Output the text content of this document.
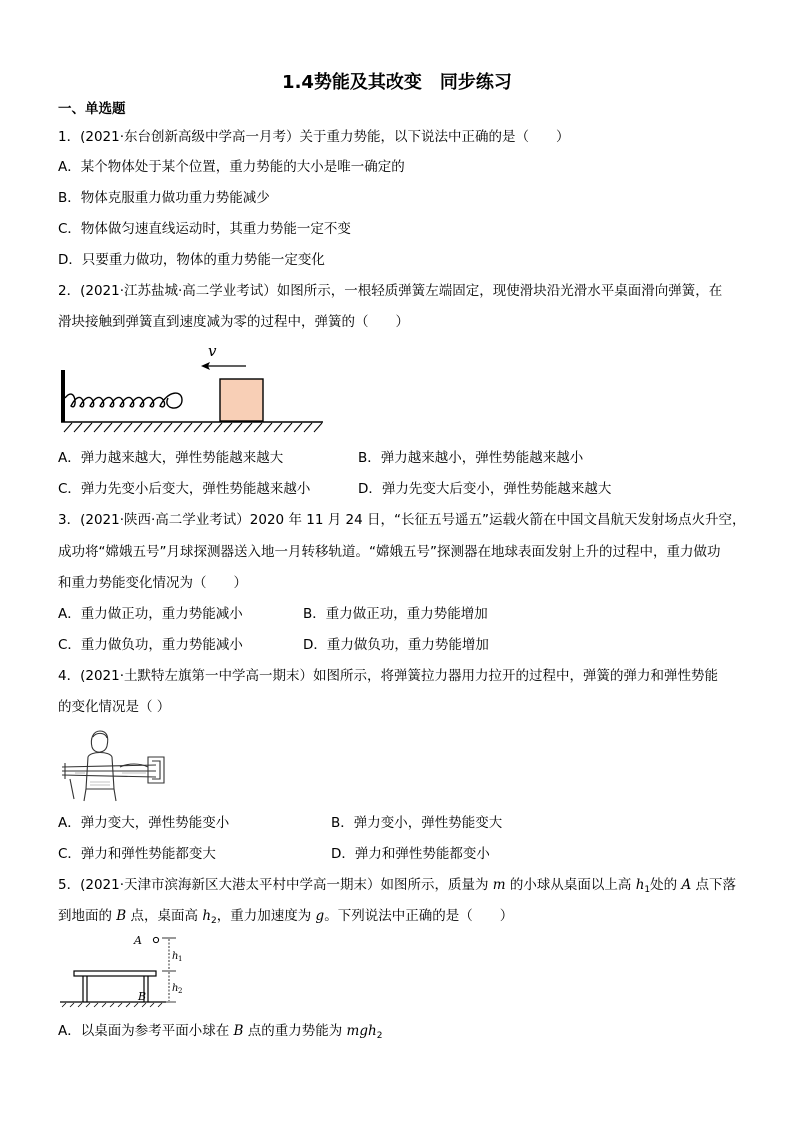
1.4势能及其改变　同步练习
一、单选题
1．(2021·东台创新高级中学高一月考）关于重力势能，以下说法中正确的是（　　）
A．某个物体处于某个位置，重力势能的大小是唯一确定的
B．物体克服重力做功重力势能减少
C．物体做匀速直线运动时，其重力势能一定不变
D．只要重力做功，物体的重力势能一定变化
2．(2021·江苏盐城·高二学业考试）如图所示，一根轻质弹簧左端固定，现使滑块沿光滑水平桌面滑向弹簧，在
滑块接触到弹簧直到速度减为零的过程中，弹簧的（　　）
v
A．弹力越来越大，弹性势能越来越大	B．弹力越来越小，弹性势能越来越小
C．弹力先变小后变大，弹性势能越来越小	D．弹力先变大后变小，弹性势能越来越大
3．(2021·陕西·高二学业考试）2020 年 11 月 24 日，“长征五号遥五”运载火箭在中国文昌航天发射场点火升空，
成功将“嫦娥五号”月球探测器送入地一月转移轨道。“嫦娥五号”探测器在地球表面发射上升的过程中，重力做功
和重力势能变化情况为（　　）
A．重力做正功，重力势能减小	B．重力做正功，重力势能增加
C．重力做负功，重力势能减小	D．重力做负功，重力势能增加
4．(2021·土默特左旗第一中学高一期末）如图所示，将弹簧拉力器用力拉开的过程中，弹簧的弹力和弹性势能
的变化情况是（ ）
A．弹力变大，弹性势能变小	B．弹力变小，弹性势能变大
C．弹力和弹性势能都变大	D．弹力和弹性势能都变小
5．(2021·天津市滨海新区大港太平村中学高一期末）如图所示，质量为 m 的小球从桌面以上高 $h_1$处的 A 点下落
到地面的 B 点，桌面高 $h_2$，重力加速度为 g。下列说法中正确的是（　　）
A
h 1
h 2
B
A．以桌面为参考平面小球在 B 点的重力势能为 mgh$_2$
